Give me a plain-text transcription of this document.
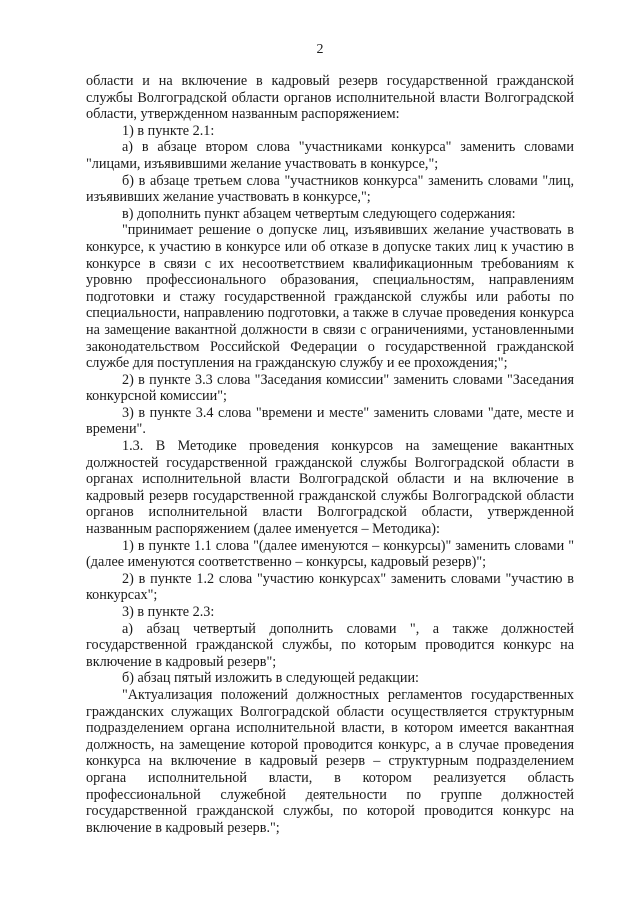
2

области и на включение в кадровый резерв государственной гражданской службы Волгоградской области органов исполнительной власти Волгоградской области, утвержденном названным распоряжением:

1) в пункте 2.1:

а) в абзаце втором слова "участниками конкурса" заменить словами "лицами, изъявившими желание участвовать в конкурсе,";

б) в абзаце третьем слова "участников конкурса" заменить словами "лиц, изъявивших желание участвовать в конкурсе,";

в) дополнить пункт абзацем четвертым следующего содержания:

"принимает решение о допуске лиц, изъявивших желание участвовать в конкурсе, к участию в конкурсе или об отказе в допуске таких лиц к участию в конкурсе в связи с их несоответствием квалификационным требованиям к уровню профессионального образования, специальностям, направлениям подготовки и стажу государственной гражданской службы или работы по специальности, направлению подготовки, а также в случае проведения конкурса на замещение вакантной должности в связи с ограничениями, установленными законодательством Российской Федерации о государственной гражданской службе для поступления на гражданскую службу и ее прохождения;";

2) в пункте 3.3 слова "Заседания комиссии" заменить словами "Заседания конкурсной комиссии";

3) в пункте 3.4 слова "времени и месте" заменить словами "дате, месте и времени".

1.3. В Методике проведения конкурсов на замещение вакантных должностей государственной гражданской службы Волгоградской области в органах исполнительной власти Волгоградской области и на включение в кадровый резерв государственной гражданской службы Волгоградской области органов исполнительной власти Волгоградской области, утвержденной названным распоряжением (далее именуется – Методика):

1) в пункте 1.1 слова "(далее именуются – конкурсы)" заменить словами "(далее именуются соответственно – конкурсы, кадровый резерв)";

2) в пункте 1.2 слова "участию конкурсах" заменить словами "участию в конкурсах";

3) в пункте 2.3:

а) абзац четвертый дополнить словами ", а также должностей государственной гражданской службы, по которым проводится конкурс на включение в кадровый резерв";

б) абзац пятый изложить в следующей редакции:

"Актуализация положений должностных регламентов государственных гражданских служащих Волгоградской области осуществляется структурным подразделением органа исполнительной власти, в котором имеется вакантная должность, на замещение которой проводится конкурс, а в случае проведения конкурса на включение в кадровый резерв – структурным подразделением органа исполнительной власти, в котором реализуется область профессиональной служебной деятельности по группе должностей государственной гражданской службы, по которой проводится конкурс на включение в кадровый резерв.";
